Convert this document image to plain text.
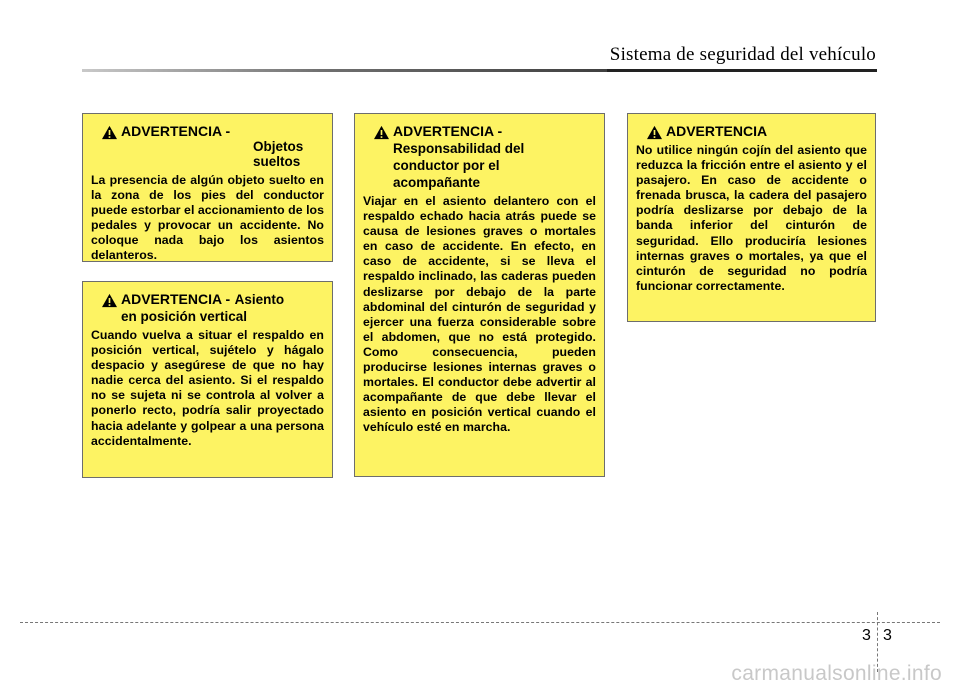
Sistema de seguridad del vehículo
ADVERTENCIA -
Objetos
sueltos

La presencia de algún objeto suelto en la zona de los pies del conductor puede estorbar el accionamiento de los pedales y provocar un accidente. No coloque nada bajo los asientos delanteros.

ADVERTENCIA - Asiento
en posición vertical

Cuando vuelva a situar el respaldo en posición vertical, sujételo y hágalo despacio y asegúrese de que no hay nadie cerca del asiento. Si el respaldo no se sujeta ni se controla al volver a ponerlo recto, podría salir proyectado hacia adelante y golpear a una persona accidentalmente.

ADVERTENCIA -
Responsabilidad del
conductor por el
acompañante

Viajar en el asiento delantero con el respaldo echado hacia atrás puede se causa de lesiones graves o mortales en caso de accidente. En efecto, en caso de accidente, si se lleva el respaldo inclinado, las caderas pueden deslizarse por debajo de la parte abdominal del cinturón de seguridad y ejercer una fuerza considerable sobre el abdomen, que no está protegido. Como consecuencia, pueden producirse lesiones internas graves o mortales. El conductor debe advertir al acompañante de que debe llevar el asiento en posición vertical cuando el vehículo esté en marcha.

ADVERTENCIA

No utilice ningún cojín del asiento que reduzca la fricción entre el asiento y el pasajero. En caso de accidente o frenada brusca, la cadera del pasajero podría deslizarse por debajo de la banda inferior del cinturón de seguridad. Ello produciría lesiones internas graves o mortales, ya que el cinturón de seguridad no podría funcionar correctamente.

3 3
carmanualsonline.info
